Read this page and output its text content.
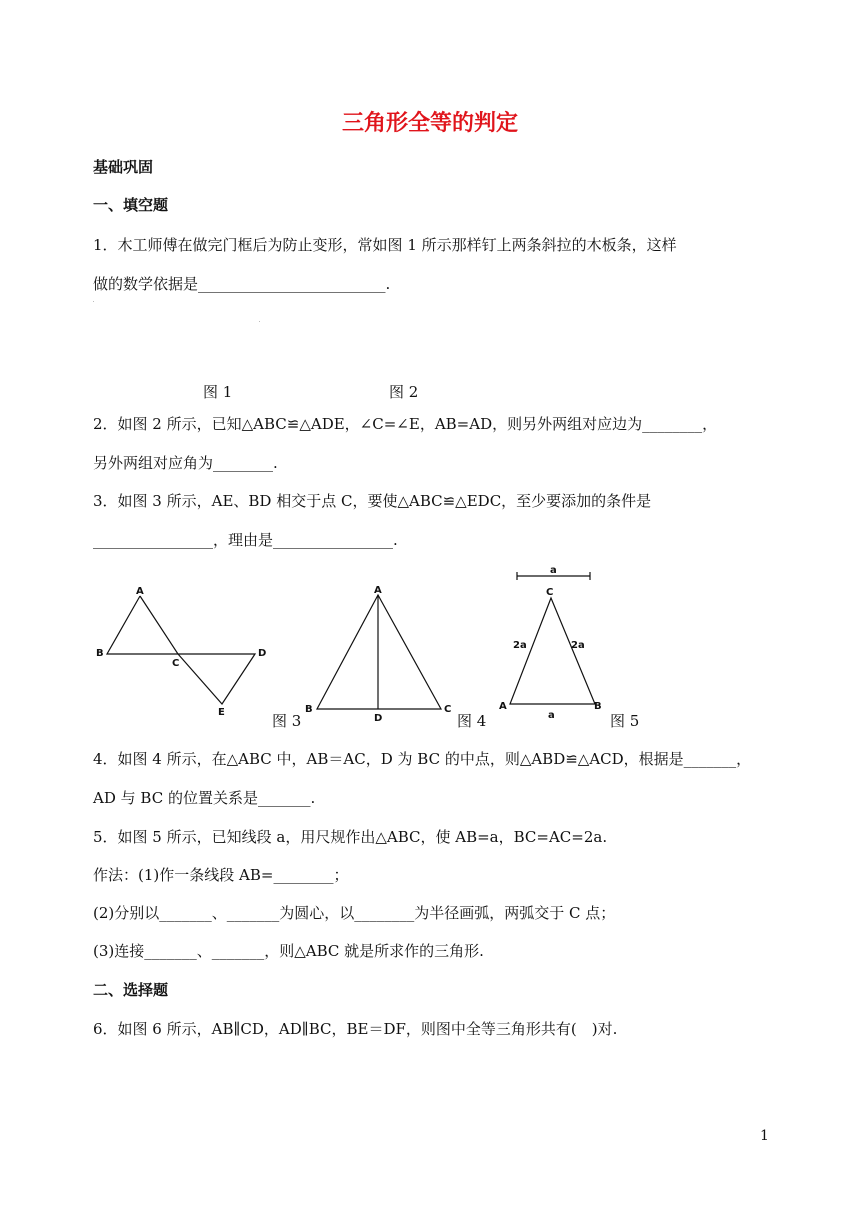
三角形全等的判定
基础巩固
一、填空题
1．木工师傅在做完门框后为防止变形，常如图 1 所示那样钉上两条斜拉的木板条，这样
做的数学依据是_________________________.
图 1	图 2
2．如图 2 所示，已知△ABC≌△ADE，∠C=∠E，AB=AD，则另外两组对应边为________，
另外两组对应角为________.
3．如图 3 所示，AE、BD 相交于点 C，要使△ABC≌△EDC，至少要添加的条件是
________________，理由是________________.
A
B
C
D
E
A
B	C
D
a
C
2a	2a
A
a
B
图 3	图 4	图 5
4．如图 4 所示，在△ABC 中，AB＝AC，D 为 BC 的中点，则△ABD≌△ACD，根据是_______，
AD 与 BC 的位置关系是_______.
5．如图 5 所示，已知线段 a，用尺规作出△ABC，使 AB=a，BC=AC=2a.
作法：(1)作一条线段 AB=________；
(2)分别以_______、_______为圆心，以________为半径画弧，两弧交于 C 点；
(3)连接_______、_______，则△ABC 就是所求作的三角形.
二、选择题
6．如图 6 所示，AB∥CD，AD∥BC，BE＝DF，则图中全等三角形共有(　)对.
1
